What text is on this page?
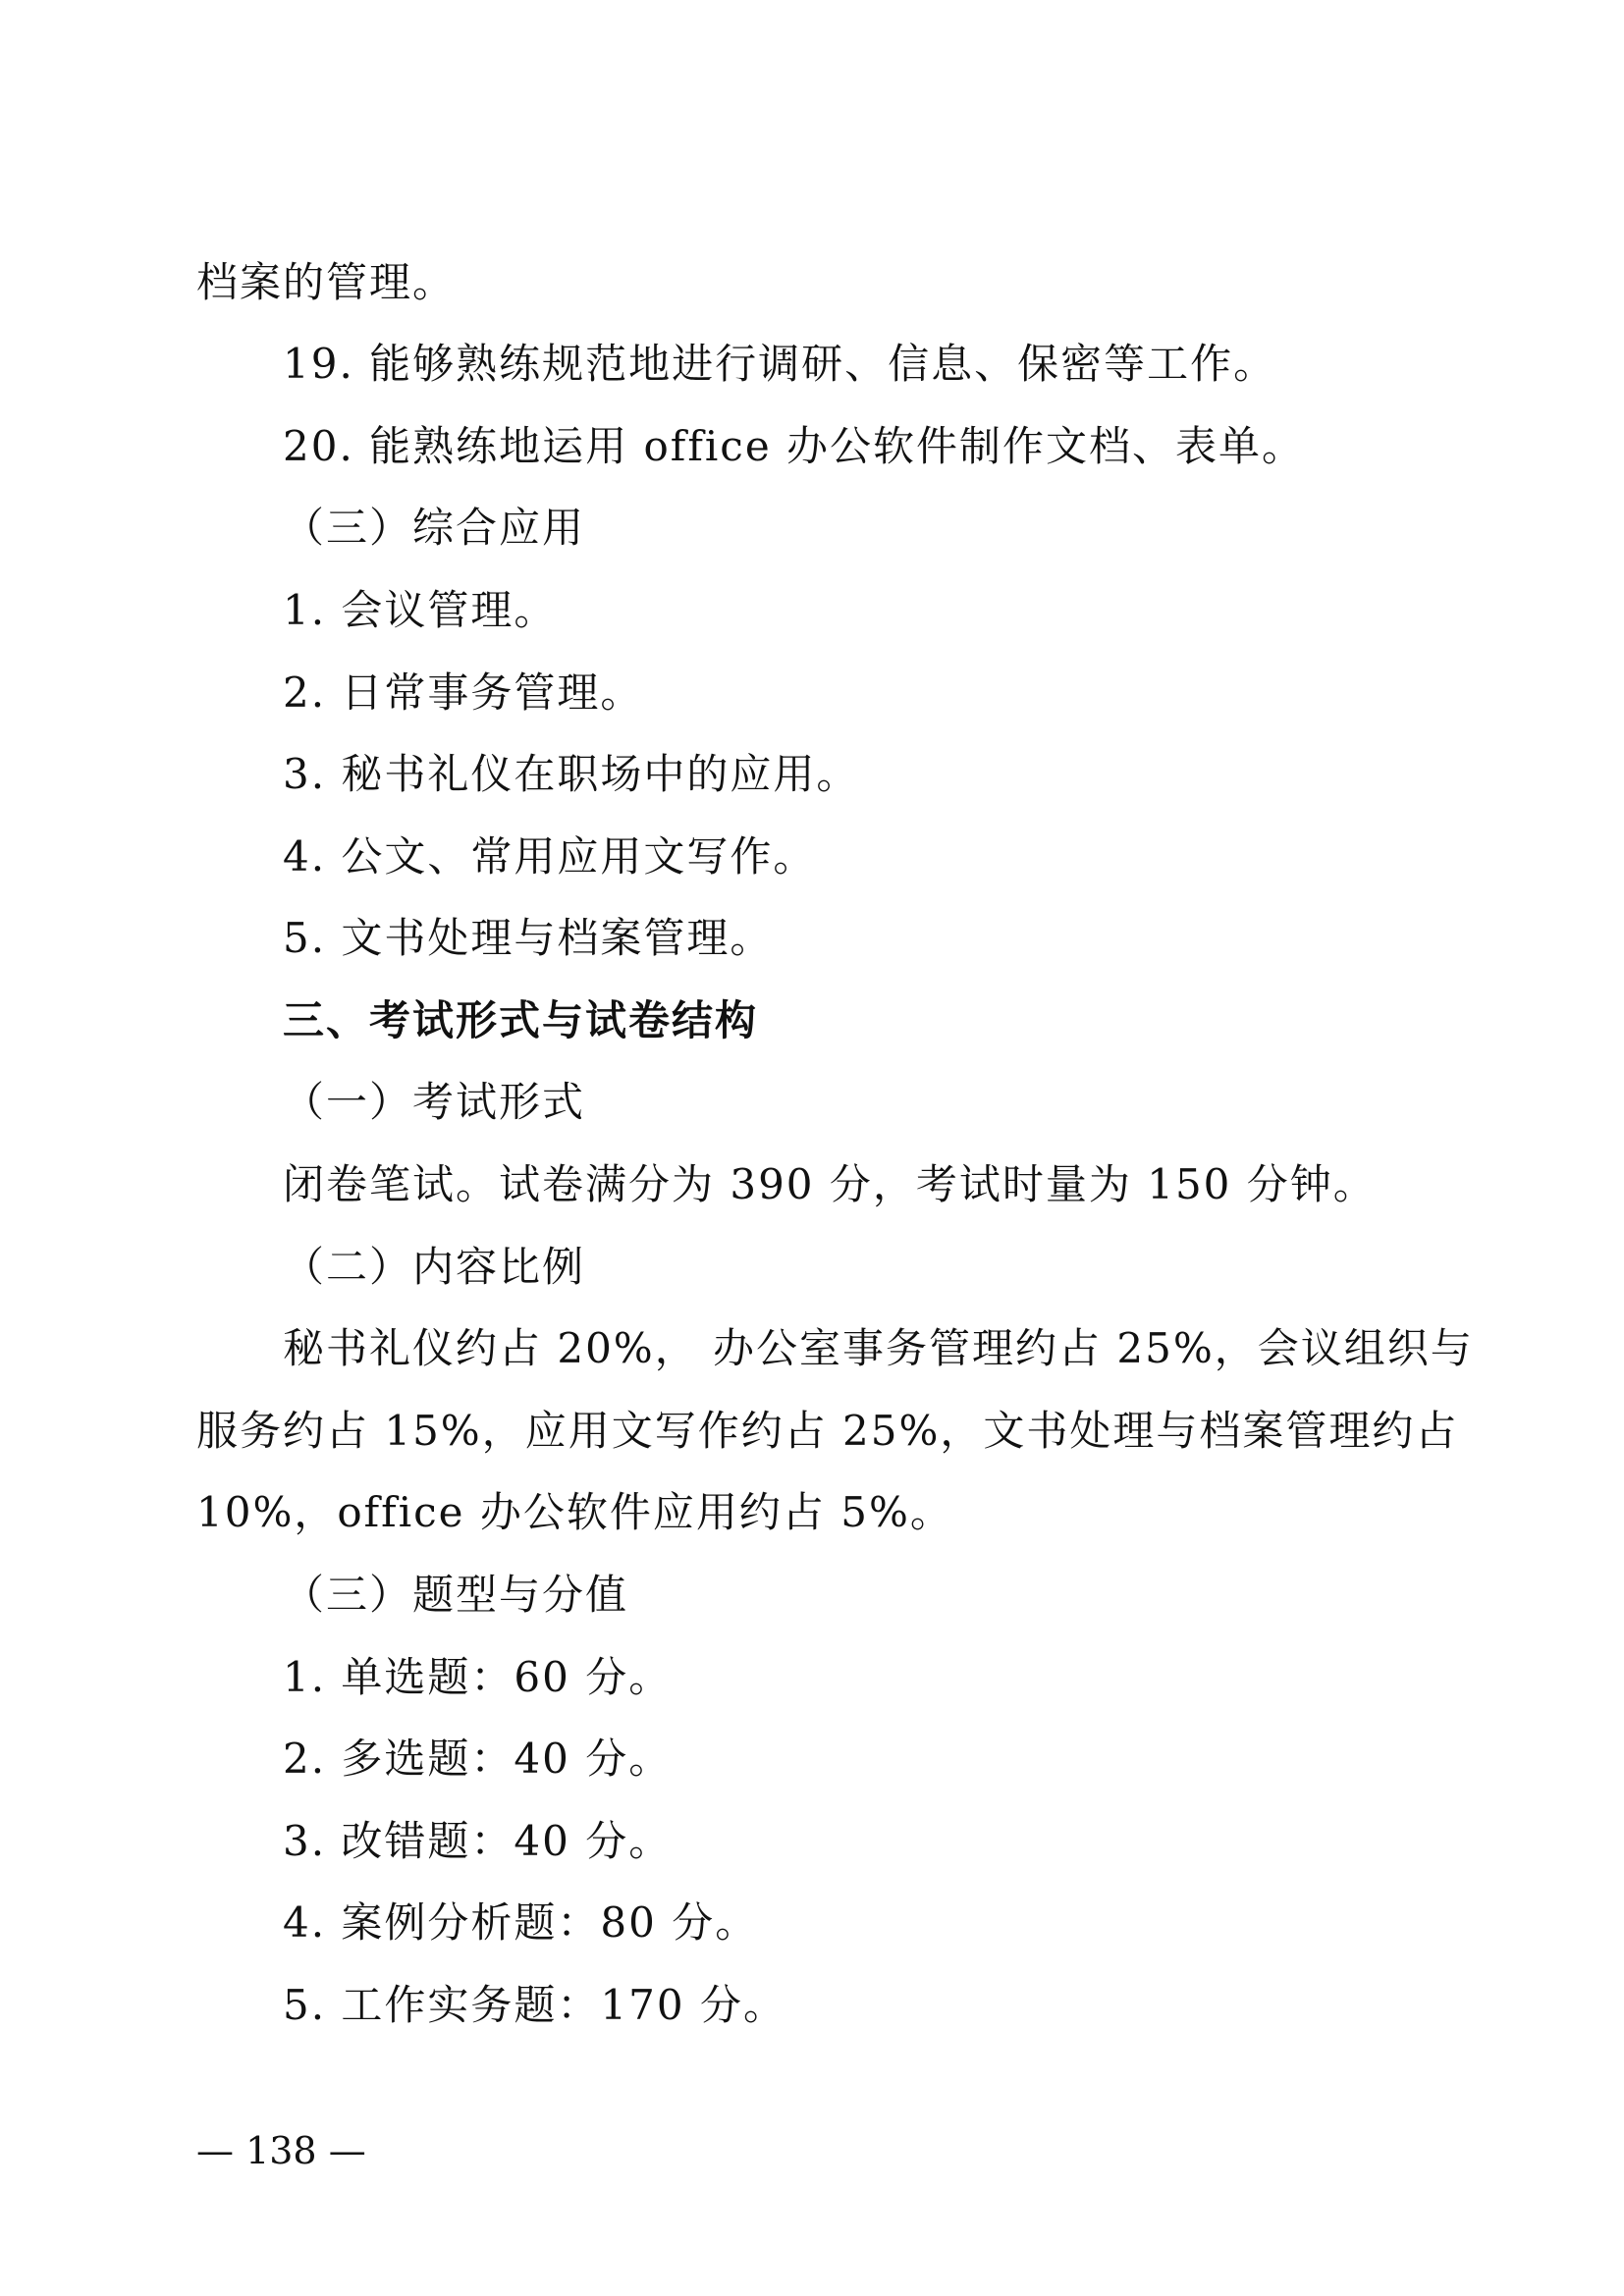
档案的管理。
19. 能够熟练规范地进行调研、信息、保密等工作。
20. 能熟练地运用 office 办公软件制作文档、表单。
（三）综合应用
1. 会议管理。
2. 日常事务管理。
3. 秘书礼仪在职场中的应用。
4. 公文、常用应用文写作。
5. 文书处理与档案管理。
三、考试形式与试卷结构
（一）考试形式
闭卷笔试。试卷满分为 390 分，考试时量为 150 分钟。
（二）内容比例
秘书礼仪约占 20%， 办公室事务管理约占 25%，会议组织与
服务约占 15%，应用文写作约占 25%，文书处理与档案管理约占
10%，office 办公软件应用约占 5%。
（三）题型与分值
1. 单选题：60 分。
2. 多选题：40 分。
3. 改错题：40 分。
4. 案例分析题：80 分。
5. 工作实务题：170 分。
— 138 —
